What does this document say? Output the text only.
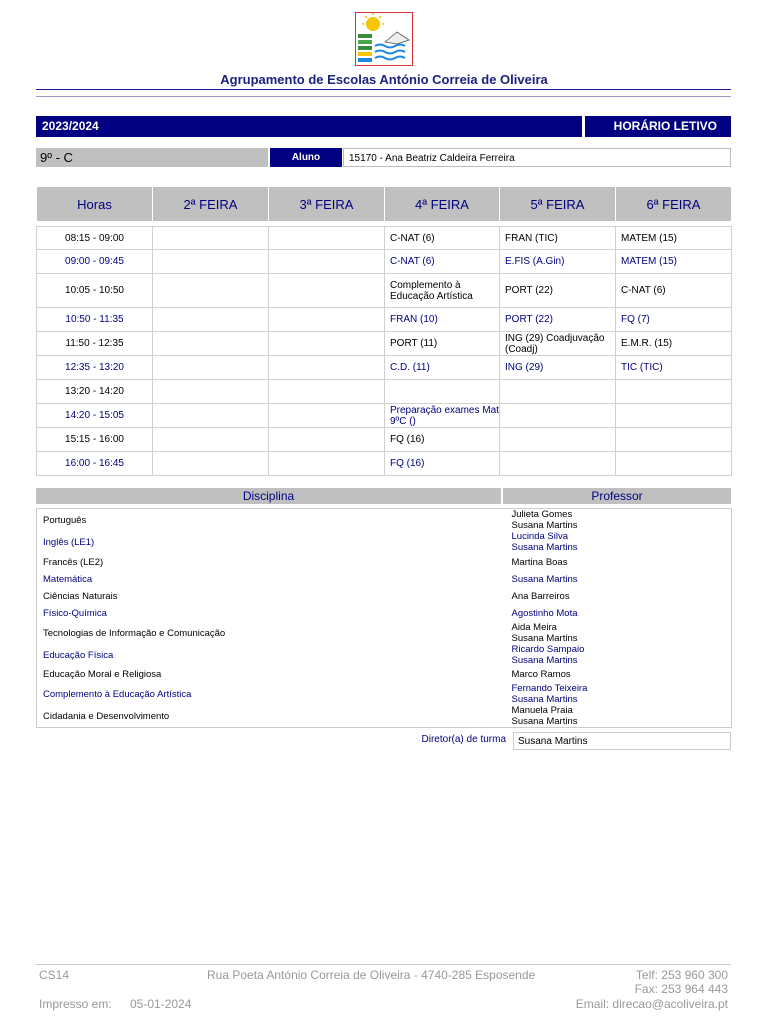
Agrupamento de Escolas António Correia de Oliveira
2023/2024	HORÁRIO LETIVO
9º - C	Aluno	15170 - Ana Beatriz Caldeira Ferreira
Horas	2ª FEIRA	3ª FEIRA	4ª FEIRA	5ª FEIRA	6ª FEIRA

08:15 - 09:00			C-NAT (6)	FRAN (TIC)	MATEM (15)
09:00 - 09:45			C-NAT (6)	E.FIS (A.Gin)	MATEM (15)
10:05 - 10:50			Complemento à Educação Artística	PORT (22)	C-NAT (6)
10:50 - 11:35			FRAN (10)	PORT (22)	FQ (7)
11:50 - 12:35			PORT (11)	ING (29) Coadjuvação (Coadj)	E.M.R. (15)
12:35 - 13:20			C.D. (11)	ING (29)	TIC (TIC)
13:20 - 14:20					
14:20 - 15:05			Preparação exames Mat 9ºC ()		
15:15 - 16:00			FQ (16)		
16:00 - 16:45			FQ (16)		
Disciplina	Professor
Português	Julieta Gomes
Susana Martins
Inglês (LE1)	Lucinda Silva
Susana Martins
Francês (LE2)	Martina Boas
Matemática	Susana Martins
Ciências Naturais	Ana Barreiros
Físico-Química	Agostinho Mota
Tecnologias de Informação e Comunicação	Aida Meira
Susana Martins
Educação Física	Ricardo Sampaio
Susana Martins
Educação Moral e Religiosa	Marco Ramos
Complemento à Educação Artística	Fernando Teixeira
Susana Martins
Cidadania e Desenvolvimento	Manuela Praia
Susana Martins
Diretor(a) de turma	Susana Martins
CS14	Rua Poeta António Correia de Oliveira - 4740-285 Esposende	Telf: 253 960 300
Fax: 253 964 443
Impresso em: 05-01-2024	Email: direcao@acoliveira.pt
